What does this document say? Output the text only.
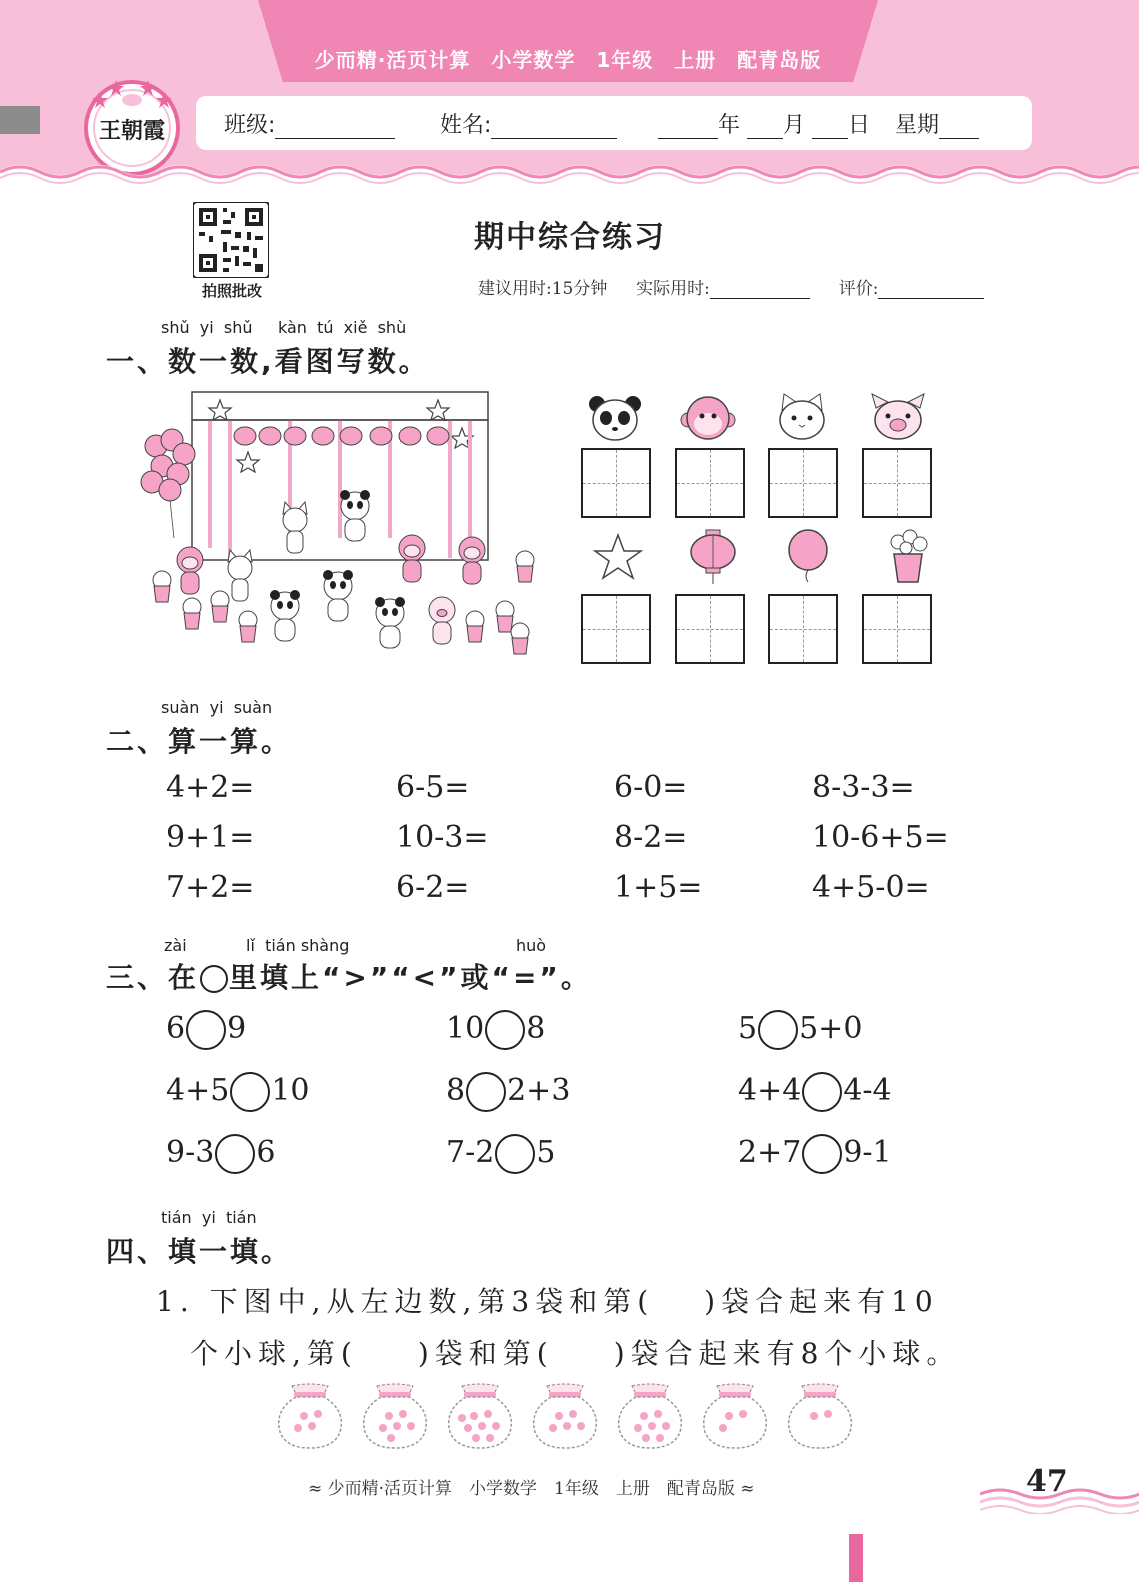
少而精·活页计算　小学数学　1年级　上册　配青岛版
班级:	姓名:	年 月 日 星期
王朝霞
拍照批改
期中综合练习
建议用时:15分钟 实际用时:	评价:
shǔ yi shǔ kàn tú xiě shù
一、数一数,看图写数。
suàn yi suàn
二、算一算。
4+2=	6-5=	6-0=	8-3-3=
9+1=	10-3=	8-2=	10-6+5=
7+2=	6-2=	1+5=	4+5-0=
zài	lǐ tián shàng	huò
三、在 里填上“>”“<”或“=”。
6 9	10 8	5 5+0
4+5 10	8 2+3	4+4 4-4
9-3 6	7-2 5	2+7 9-1
tián yi tián
四、填一填。
1. 下图中,从左边数,第3袋和第( )袋合起来有10
个小球,第( )袋和第( )袋合起来有8个小球。
≈ 少而精·活页计算　小学数学　1年级　上册　配青岛版 ≈	47
